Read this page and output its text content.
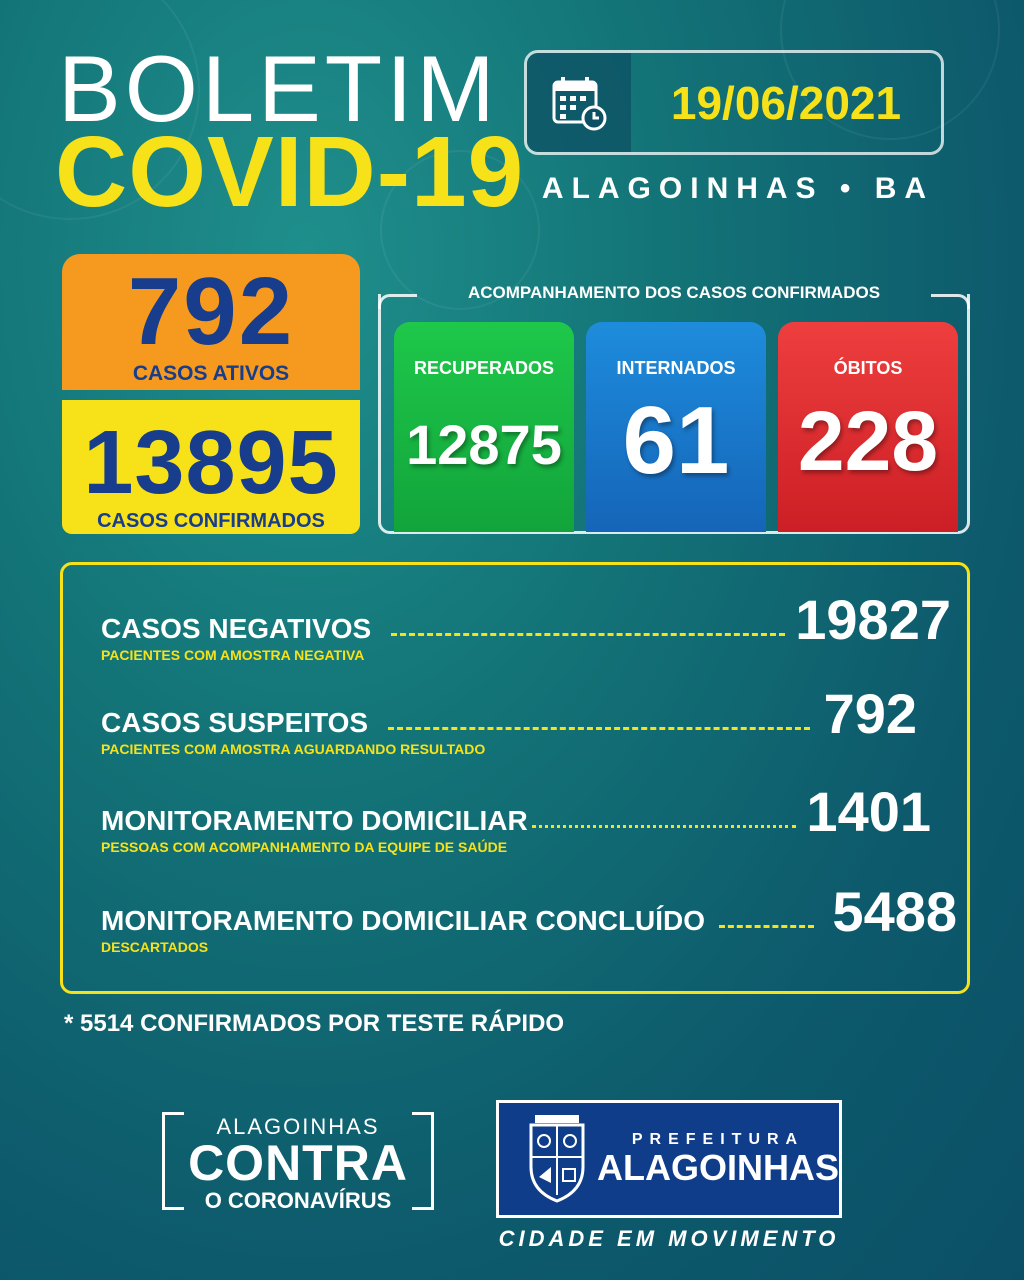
BOLETIM
COVID-19
19/06/2021
ALAGOINHAS • BA
792
CASOS ATIVOS
13895
CASOS CONFIRMADOS
ACOMPANHAMENTO DOS CASOS CONFIRMADOS
RECUPERADOS
12875
INTERNADOS
61
ÓBITOS
228
CASOS NEGATIVOS	19827
PACIENTES COM AMOSTRA NEGATIVA
CASOS SUSPEITOS	792
PACIENTES COM AMOSTRA AGUARDANDO RESULTADO
MONITORAMENTO DOMICILIAR	1401
PESSOAS COM ACOMPANHAMENTO DA EQUIPE DE SAÚDE
MONITORAMENTO DOMICILIAR CONCLUÍDO 5488
DESCARTADOS
* 5514 CONFIRMADOS POR TESTE RÁPIDO
ALAGOINHAS
CONTRA
O CORONAVÍRUS
PREFEITURA
ALAGOINHAS
CIDADE EM MOVIMENTO
